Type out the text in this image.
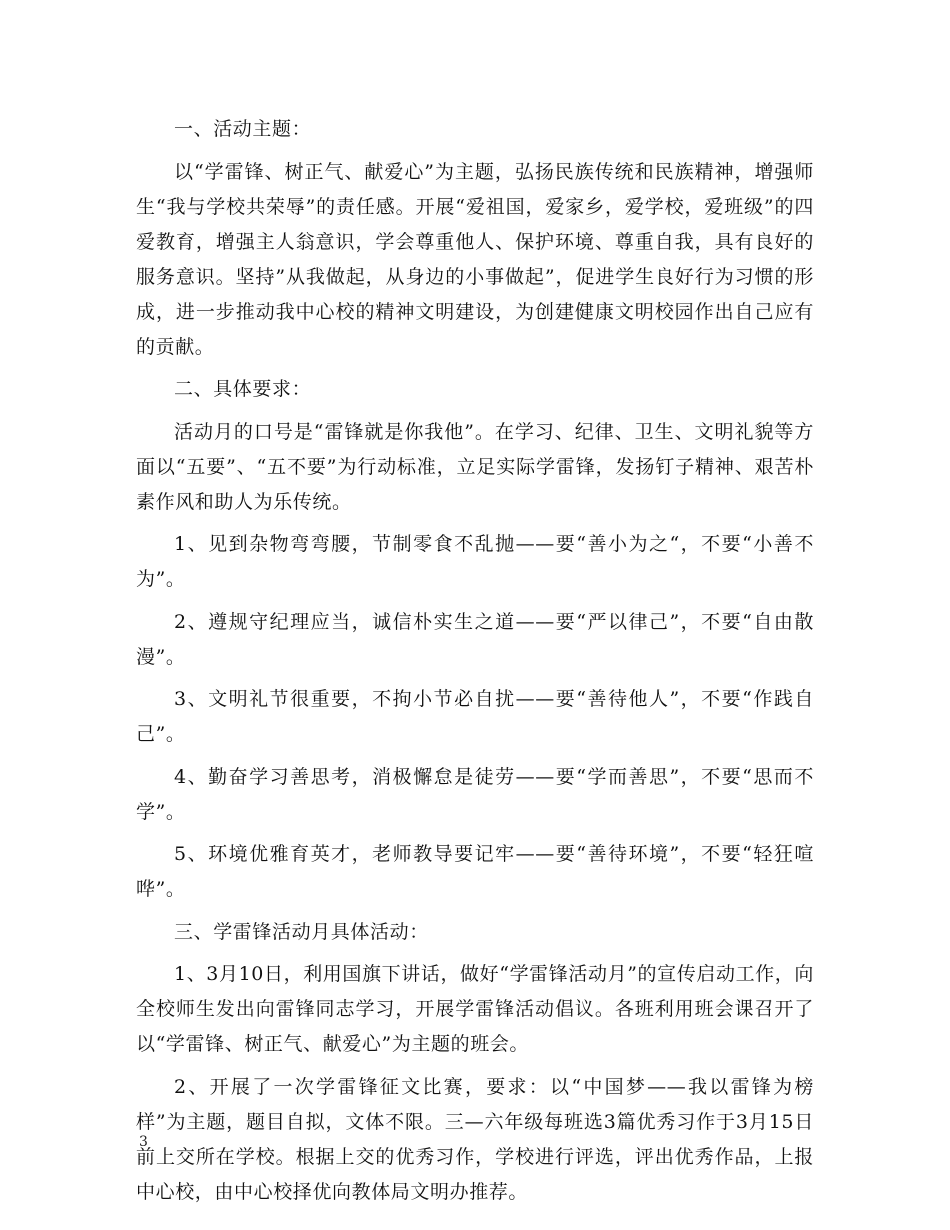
一、活动主题：

以“学雷锋、树正气、献爱心”为主题，弘扬民族传统和民族精神，增强师生“我与学校共荣辱”的责任感。开展“爱祖国，爱家乡，爱学校，爱班级”的四爱教育，增强主人翁意识，学会尊重他人、保护环境、尊重自我，具有良好的服务意识。坚持”从我做起，从身边的小事做起”，促进学生良好行为习惯的形成，进一步推动我中心校的精神文明建设，为创建健康文明校园作出自己应有的贡献。

二、具体要求：

活动月的口号是“雷锋就是你我他”。在学习、纪律、卫生、文明礼貌等方面以“五要”、“五不要”为行动标准，立足实际学雷锋，发扬钉子精神、艰苦朴素作风和助人为乐传统。

1、见到杂物弯弯腰，节制零食不乱抛——要“善小为之“，不要“小善不为”。

2、遵规守纪理应当，诚信朴实生之道——要“严以律己”，不要“自由散漫”。

3、文明礼节很重要，不拘小节必自扰——要“善待他人”，不要“作践自己”。

4、勤奋学习善思考，消极懈怠是徒劳——要“学而善思”，不要“思而不学”。

5、环境优雅育英才，老师教导要记牢——要“善待环境”，不要“轻狂喧哗”。

三、学雷锋活动月具体活动：

1、3月10日，利用国旗下讲话，做好“学雷锋活动月”的宣传启动工作，向全校师生发出向雷锋同志学习，开展学雷锋活动倡议。各班利用班会课召开了以“学雷锋、树正气、献爱心”为主题的班会。

2、开展了一次学雷锋征文比赛，要求：以“中国梦——我以雷锋为榜样”为主题，题目自拟，文体不限。三—六年级每班选3篇优秀习作于3月15日前上交所在学校。根据上交的优秀习作，学校进行评选，评出优秀作品，上报中心校，由中心校择优向教体局文明办推荐。

3
